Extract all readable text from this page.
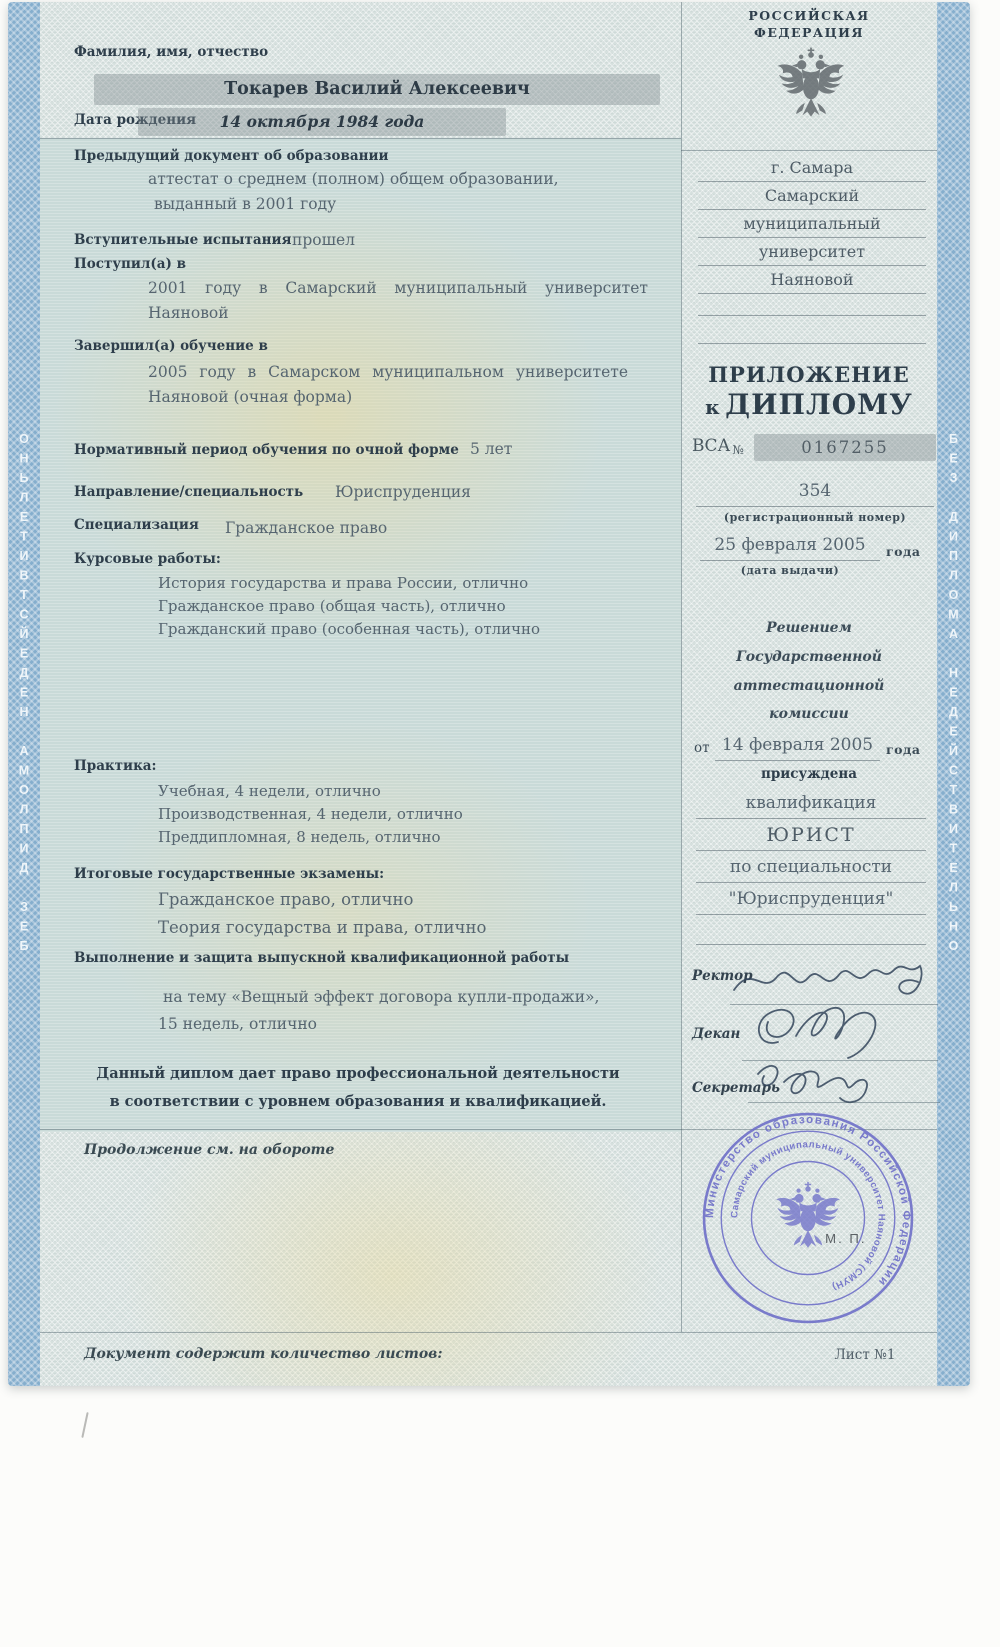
ОНЬЛЕТИВТСЙЕДЕН АМОЛПИД ЗЕБ	БЕЗ ДИПЛОМА НЕДЕЙСТВИТЕЛЬНО
Фамилия, имя, отчество
Токарев Василий Алексеевич
Дата рождения	14 октября 1984 года
Предыдущий документ об образовании
аттестат о среднем (полном) общем образовании,
выданный в 2001 году
Вступительные испытания прошел
Поступил(а) в
2001 году в Самарский муниципальный университет Наяновой
Завершил(а) обучение в
2005 году в Самарском муниципальном университете Наяновой (очная форма)
Нормативный период обучения по очной форме 5 лет
Направление/специальность Юриспруденция
Специализация Гражданское право
Курсовые работы:
История государства и права России, отлично
Гражданское право (общая часть), отлично
Гражданский право (особенная часть), отлично
Практика:
Учебная, 4 недели, отлично
Производственная, 4 недели, отлично
Преддипломная, 8 недель, отлично
Итоговые государственные экзамены:
Гражданское право, отлично
Теория государства и права, отлично
Выполнение и защита выпускной квалификационной работы
на тему «Вещный эффект договора купли-продажи»,
15 недель, отлично
Данный диплом дает право профессиональной деятельности
в соответствии с уровнем образования и квалификацией.
Продолжение см. на обороте
Документ содержит количество листов:	Лист №1
РОССИЙСКАЯ
ФЕДЕРАЦИЯ
г. Самара
Самарский
муниципальный
университет
Наяновой
ПРИЛОЖЕНИЕ
к ДИПЛОМУ
ВСА №	0167255
354
(регистрационный номер)
25 февраля 2005	года
(дата выдачи)
Решением
Государственной
аттестационной
комиссии
от 14 февраля 2005	года
присуждена
квалификация
ЮРИСТ
по специальности
"Юриспруденция"
Ректор
Декан
Секретарь
Министерство образования Российской Федерации
Самарский муниципальный университет Наяновой (СМУН)
М. П.
